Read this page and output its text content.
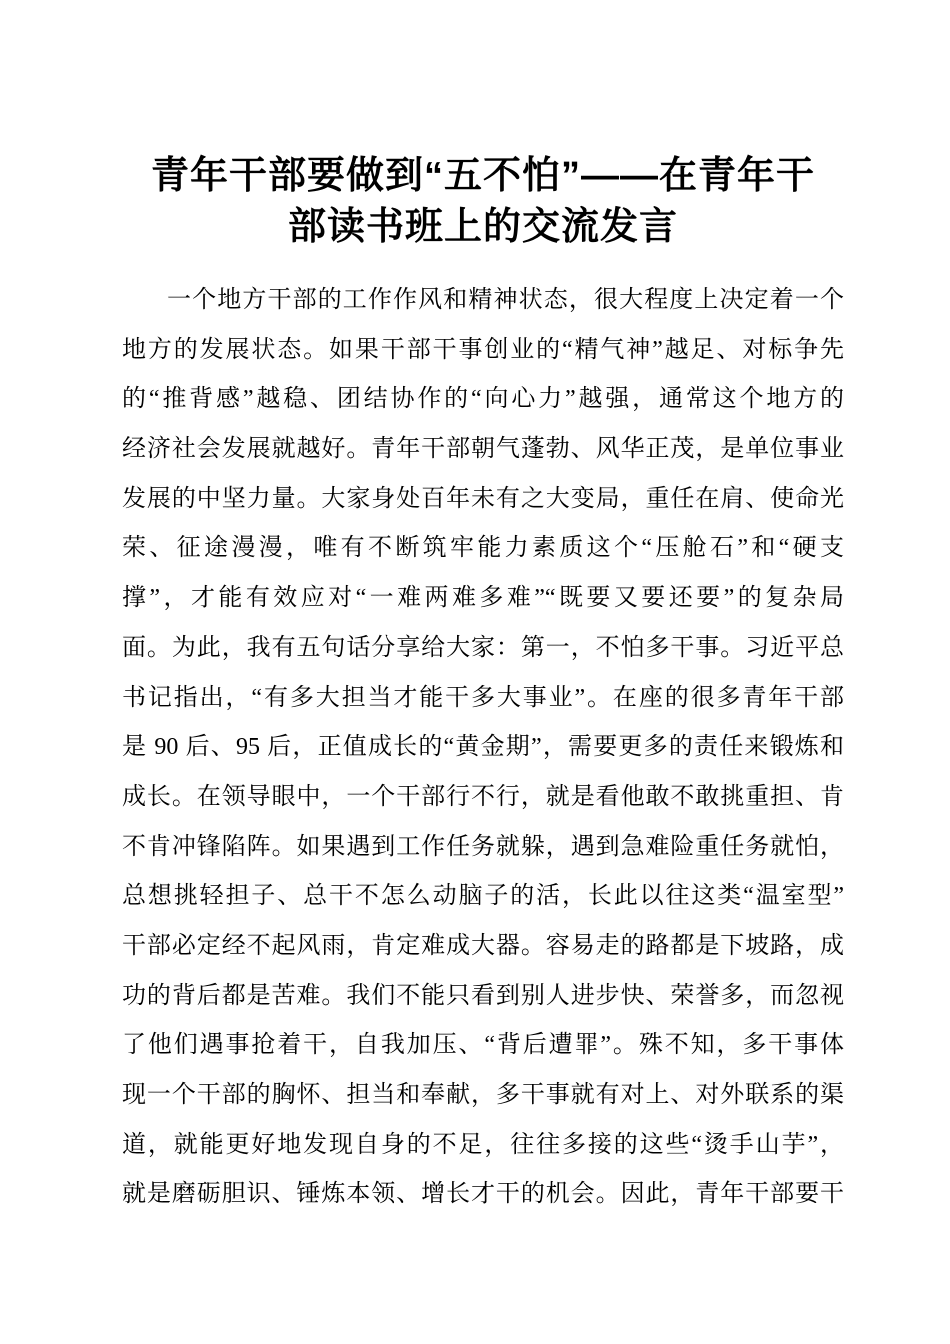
青年干部要做到“五不怕”——在青年干
部读书班上的交流发言
一个地方干部的工作作风和精神状态，很大程度上决定着一个
地方的发展状态。如果干部干事创业的“精气神”越足、对标争先
的“推背感”越稳、团结协作的“向心力”越强，通常这个地方的
经济社会发展就越好。青年干部朝气蓬勃、风华正茂，是单位事业
发展的中坚力量。大家身处百年未有之大变局，重任在肩、使命光
荣、征途漫漫，唯有不断筑牢能力素质这个“压舱石”和“硬支
撑”，才能有效应对“一难两难多难”“既要又要还要”的复杂局
面。为此，我有五句话分享给大家：第一，不怕多干事。习近平总
书记指出，“有多大担当才能干多大事业”。在座的很多青年干部
是 90 后、95 后，正值成长的“黄金期”，需要更多的责任来锻炼和
成长。在领导眼中，一个干部行不行，就是看他敢不敢挑重担、肯
不肯冲锋陷阵。如果遇到工作任务就躲，遇到急难险重任务就怕，
总想挑轻担子、总干不怎么动脑子的活，长此以往这类“温室型”
干部必定经不起风雨，肯定难成大器。容易走的路都是下坡路，成
功的背后都是苦难。我们不能只看到别人进步快、荣誉多，而忽视
了他们遇事抢着干，自我加压、“背后遭罪”。殊不知，多干事体
现一个干部的胸怀、担当和奉献，多干事就有对上、对外联系的渠
道，就能更好地发现自身的不足，往往多接的这些“烫手山芋”，
就是磨砺胆识、锤炼本领、增长才干的机会。因此，青年干部要干
